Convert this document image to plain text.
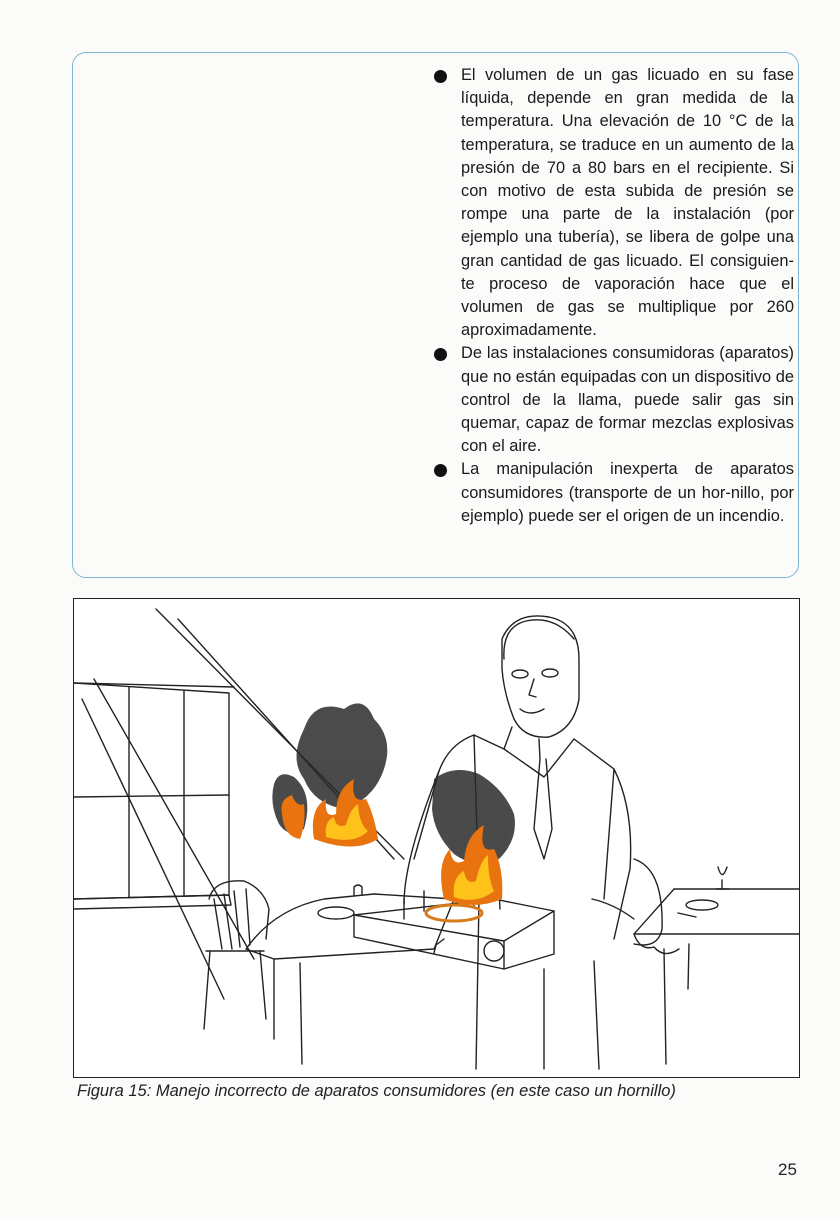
El volumen de un gas licuado en su fase líquida, depende en gran medida de la temperatura. Una elevación de 10 °C de la temperatura, se traduce en un aumento de la presión de 70 a 80 bars en el recipiente. Si con motivo de esta subida de presión se rompe una parte de la instalación (por ejemplo una tubería), se libera de golpe una gran cantidad de gas licuado. El consiguien-te proceso de vaporación hace que el volumen de gas se multiplique por 260 aproximadamente.
De las instalaciones consumidoras (aparatos) que no están equipadas con un dispositivo de control de la llama, puede salir gas sin quemar, capaz de formar mezclas explosivas con el aire.
La manipulación inexperta de aparatos consumidores (transporte de un hor-nillo, por ejemplo) puede ser el origen de un incendio.
Figura 15: Manejo incorrecto de aparatos consumidores (en este caso un hornillo)
25
